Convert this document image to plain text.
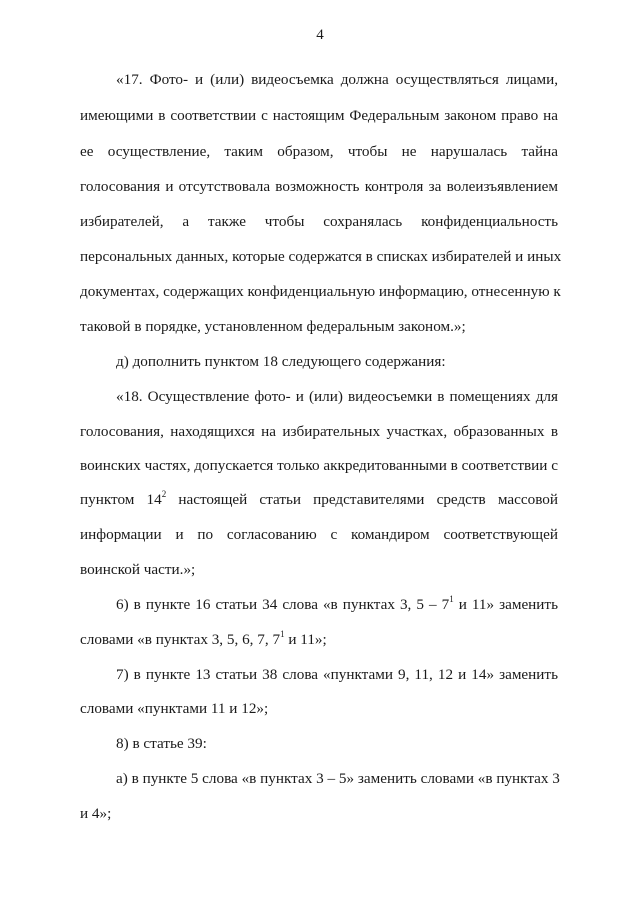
4
«17. Фото- и (или) видеосъемка должна осуществляться лицами,
имеющими в соответствии с настоящим Федеральным законом право на
ее осуществление, таким образом, чтобы не нарушалась тайна
голосования и отсутствовала возможность контроля за волеизъявлением
избирателей, а также чтобы сохранялась конфиденциальность
персональных данных, которые содержатся в списках избирателей и иных
документах, содержащих конфиденциальную информацию, отнесенную к
таковой в порядке, установленном федеральным законом.»;
д) дополнить пунктом 18 следующего содержания:
«18. Осуществление фото- и (или) видеосъемки в помещениях для
голосования, находящихся на избирательных участках, образованных в
воинских частях, допускается только аккредитованными в соответствии с
пунктом $14^2$ настоящей статьи представителями средств массовой
информации и по согласованию с командиром соответствующей
воинской части.»;
6) в пункте 16 статьи 34 слова «в пунктах 3, $5 - 7^1$ и 11» заменить
словами «в пунктах 3, 5, 6, 7, $7^1$ и 11»;
7) в пункте 13 статьи 38 слова «пунктами 9, 11, 12 и 14» заменить
словами «пунктами 11 и 12»;
8) в статье 39:
а) в пункте 5 слова «в пунктах 3 – 5» заменить словами «в пунктах 3
и 4»;
